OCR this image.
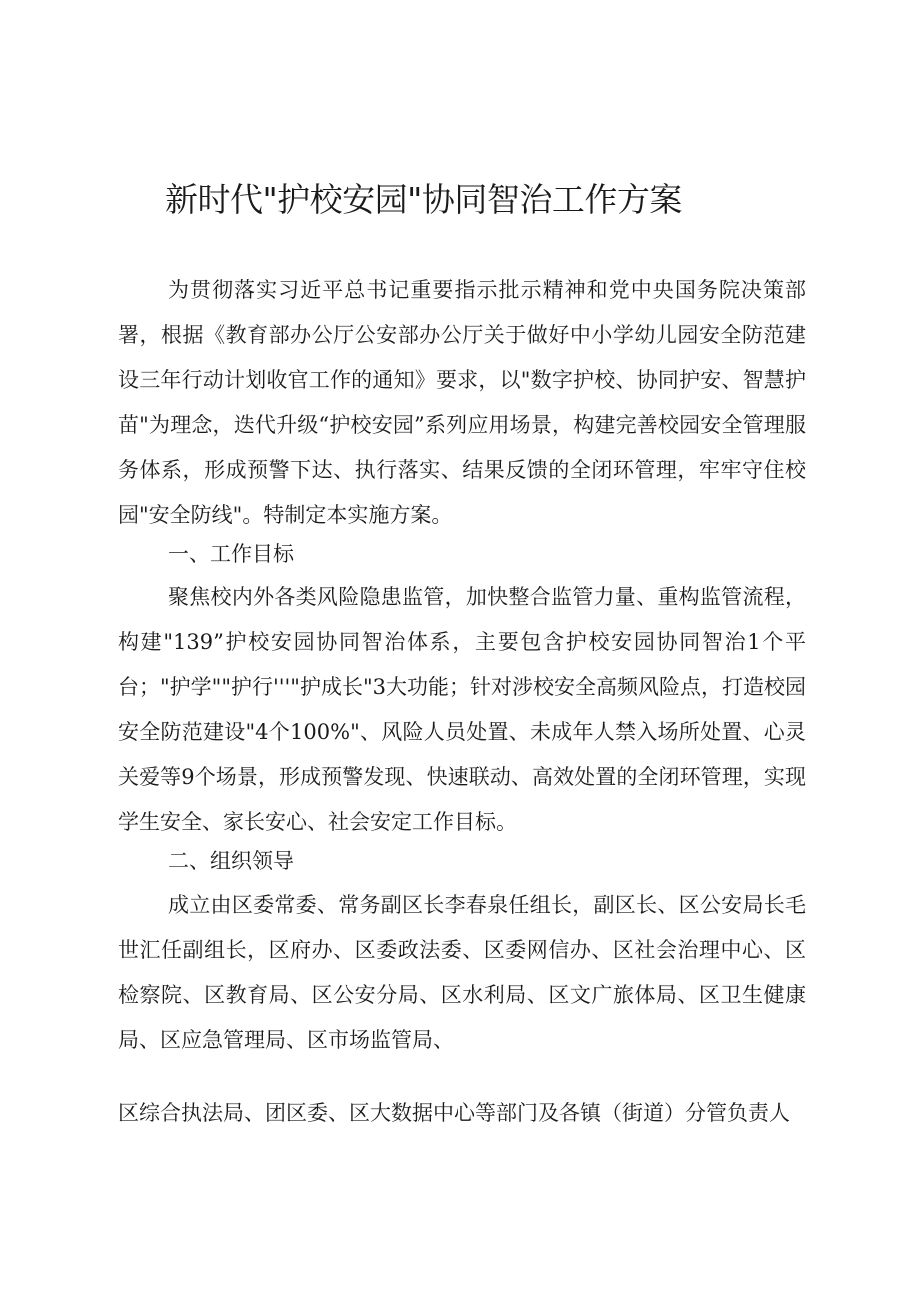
新时代"护校安园"协同智治工作方案

为贯彻落实习近平总书记重要指示批示精神和党中央国务院决策部署，根据《教育部办公厅公安部办公厅关于做好中小学幼儿园安全防范建设三年行动计划收官工作的通知》要求，以"数字护校、协同护安、智慧护苗"为理念，迭代升级“护校安园”系列应用场景，构建完善校园安全管理服务体系，形成预警下达、执行落实、结果反馈的全闭环管理，牢牢守住校园"安全防线"。特制定本实施方案。

一、工作目标

聚焦校内外各类风险隐患监管，加快整合监管力量、重构监管流程，构建"139”护校安园协同智治体系，主要包含护校安园协同智治1个平台；"护学""护行'''"护成长"3大功能；针对涉校安全高频风险点，打造校园安全防范建设"4个100%"、风险人员处置、未成年人禁入场所处置、心灵关爱等9个场景，形成预警发现、快速联动、高效处置的全闭环管理，实现学生安全、家长安心、社会安定工作目标。

二、组织领导

成立由区委常委、常务副区长李春泉任组长，副区长、区公安局长毛世汇任副组长，区府办、区委政法委、区委网信办、区社会治理中心、区检察院、区教育局、区公安分局、区水利局、区文广旅体局、区卫生健康局、区应急管理局、区市场监管局、

区综合执法局、团区委、区大数据中心等部门及各镇（街道）分管负责人
